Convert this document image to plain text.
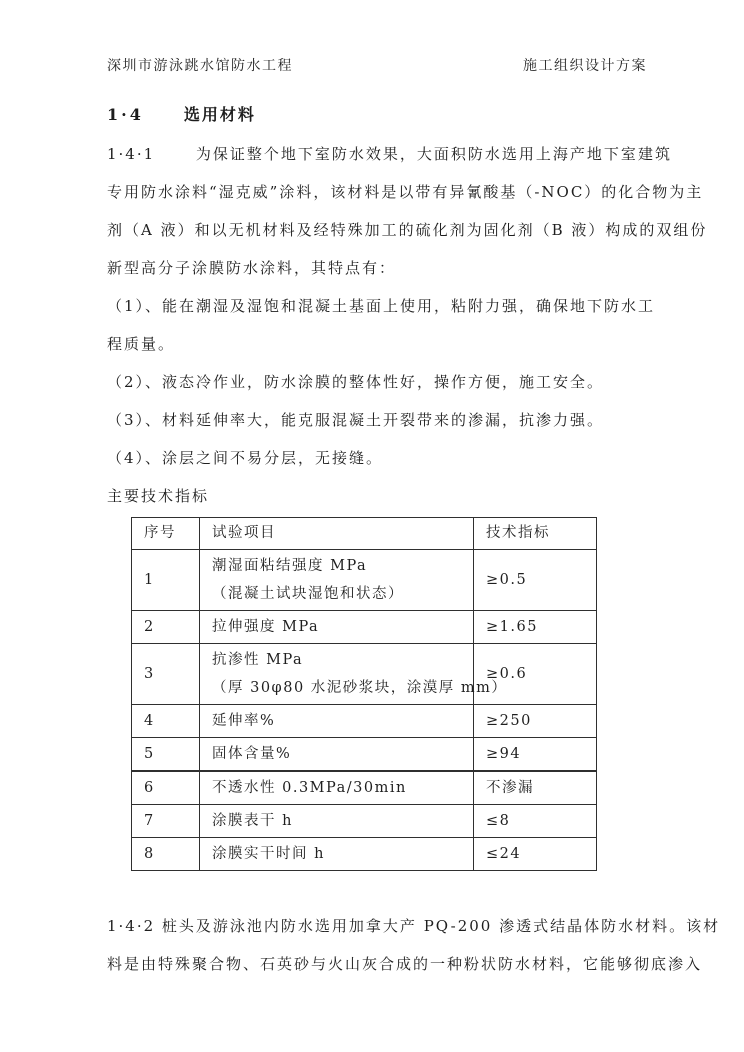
深圳市游泳跳水馆防水工程	施工组织设计方案
1·4	选用材料
1·4·1　　 为保证整个地下室防水效果，大面积防水选用上海产地下室建筑
专用防水涂料“湿克威”涂料，该材料是以带有异氰酸基（-NOC）的化合物为主
剂（A 液）和以无机材料及经特殊加工的硫化剂为固化剂（B 液）构成的双组份
新型高分子涂膜防水涂料，其特点有：
（1）、能在潮湿及湿饱和混凝土基面上使用，粘附力强，确保地下防水工
程质量。
（2）、液态冷作业，防水涂膜的整体性好，操作方便，施工安全。
（3）、材料延伸率大，能克服混凝土开裂带来的渗漏，抗渗力强。
（4）、涂层之间不易分层，无接缝。
主要技术指标
序号	试验项目	技术指标
1	潮湿面粘结强度 MPa
（混凝土试块湿饱和状态）	≥0.5
2	拉伸强度 MPa	≥1.65
3	抗渗性 MPa
（厚 30φ80 水泥砂浆块，涂漠厚 mm）	≥0.6
4	延伸率%	≥250
5	固体含量%	≥94
6	不透水性 0.3MPa/30min	不渗漏
7	涂膜表干 h	≤8
8	涂膜实干时间 h	≤24
1·4·2 桩头及游泳池内防水选用加拿大产 PQ-200 渗透式结晶体防水材料。该材
料是由特殊聚合物、石英砂与火山灰合成的一种粉状防水材料，它能够彻底渗入
